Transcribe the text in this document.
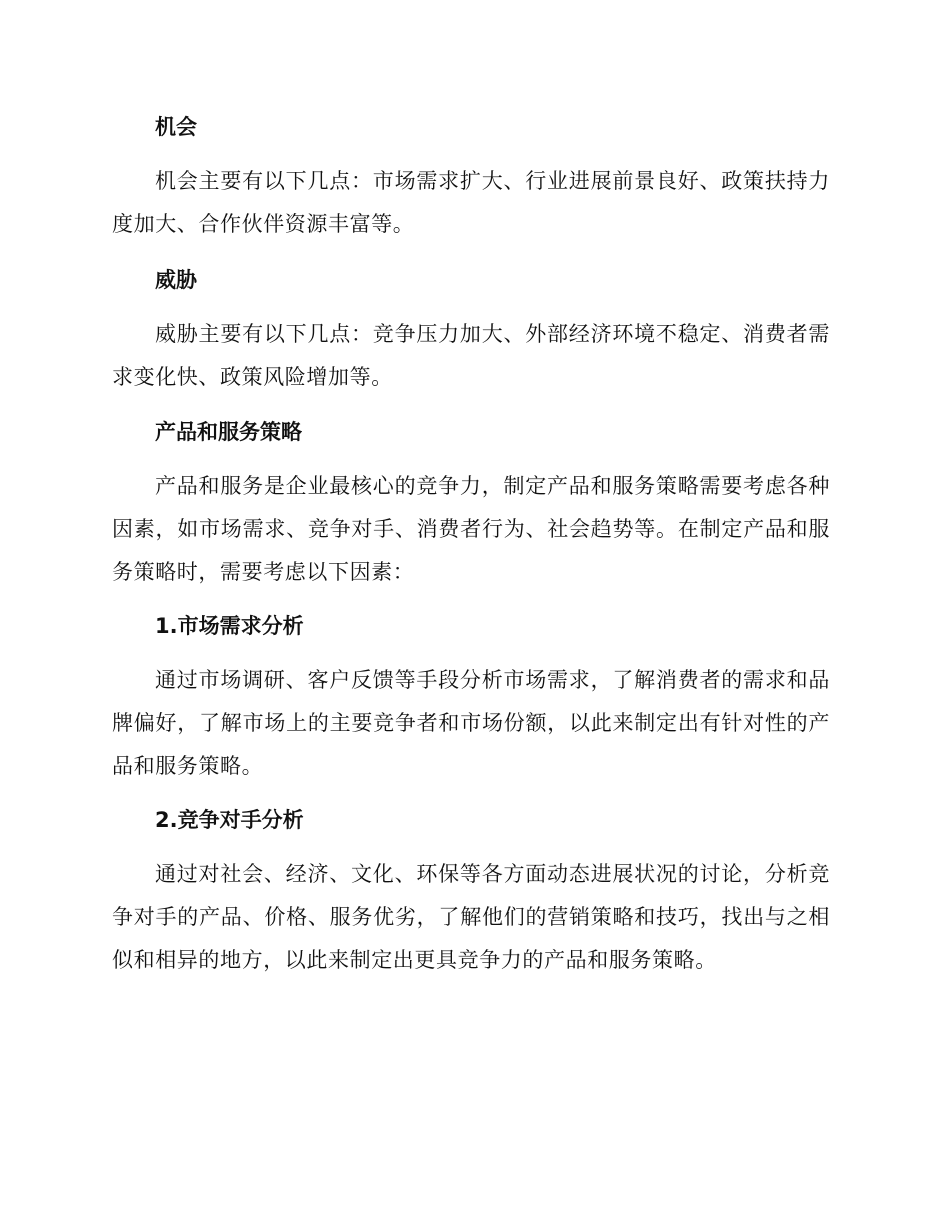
机会

机会主要有以下几点：市场需求扩大、行业进展前景良好、政策扶持力度加大、合作伙伴资源丰富等。

威胁

威胁主要有以下几点：竞争压力加大、外部经济环境不稳定、消费者需求变化快、政策风险增加等。

产品和服务策略

产品和服务是企业最核心的竞争力，制定产品和服务策略需要考虑各种因素，如市场需求、竞争对手、消费者行为、社会趋势等。在制定产品和服务策略时，需要考虑以下因素：

1.市场需求分析

通过市场调研、客户反馈等手段分析市场需求，了解消费者的需求和品牌偏好，了解市场上的主要竞争者和市场份额，以此来制定出有针对性的产品和服务策略。

2.竞争对手分析

通过对社会、经济、文化、环保等各方面动态进展状况的讨论，分析竞争对手的产品、价格、服务优劣，了解他们的营销策略和技巧，找出与之相似和相异的地方，以此来制定出更具竞争力的产品和服务策略。
